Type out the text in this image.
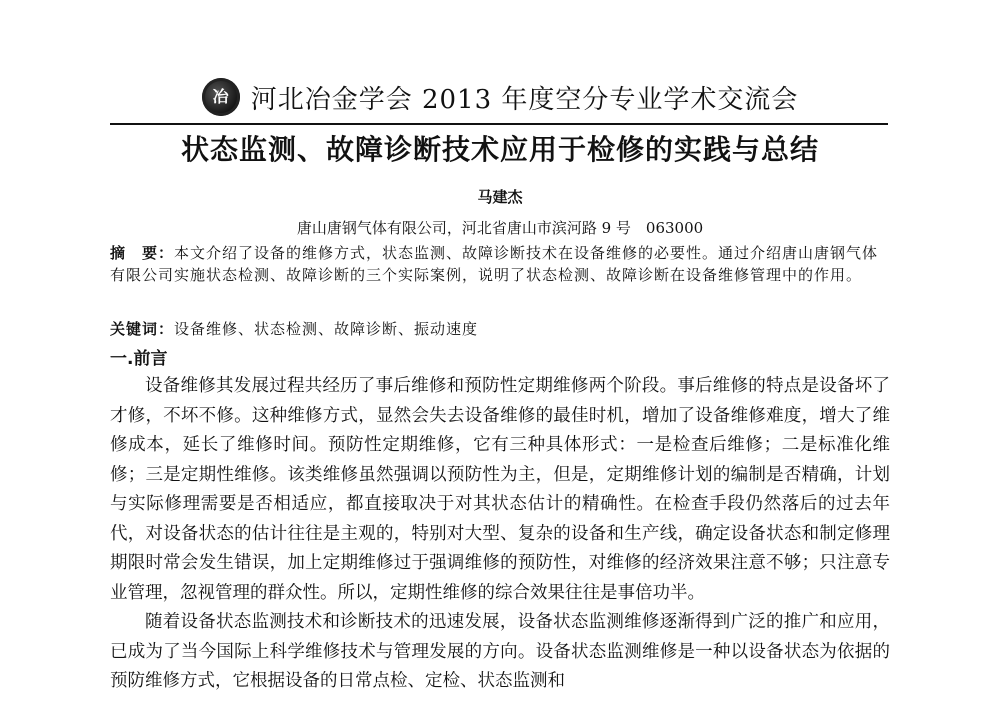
冶 河北冶金学会 2013 年度空分专业学术交流会
状态监测、故障诊断技术应用于检修的实践与总结
马建杰
唐山唐钢气体有限公司，河北省唐山市滨河路 9 号　063000
摘　要：本文介绍了设备的维修方式，状态监测、故障诊断技术在设备维修的必要性。通过介绍唐山唐钢气体有限公司实施状态检测、故障诊断的三个实际案例，说明了状态检测、故障诊断在设备维修管理中的作用。
关键词：设备维修、状态检测、故障诊断、振动速度
一.前言

设备维修其发展过程共经历了事后维修和预防性定期维修两个阶段。事后维修的特点是设备坏了才修，不坏不修。这种维修方式，显然会失去设备维修的最佳时机，增加了设备维修难度，增大了维修成本，延长了维修时间。预防性定期维修，它有三种具体形式：一是检查后维修；二是标准化维修；三是定期性维修。该类维修虽然强调以预防性为主，但是，定期维修计划的编制是否精确，计划与实际修理需要是否相适应，都直接取决于对其状态估计的精确性。在检查手段仍然落后的过去年代，对设备状态的估计往往是主观的，特别对大型、复杂的设备和生产线，确定设备状态和制定修理期限时常会发生错误，加上定期维修过于强调维修的预防性，对维修的经济效果注意不够；只注意专业管理，忽视管理的群众性。所以，定期性维修的综合效果往往是事倍功半。

随着设备状态监测技术和诊断技术的迅速发展，设备状态监测维修逐渐得到广泛的推广和应用，已成为了当今国际上科学维修技术与管理发展的方向。设备状态监测维修是一种以设备状态为依据的预防维修方式，它根据设备的日常点检、定检、状态监测和
